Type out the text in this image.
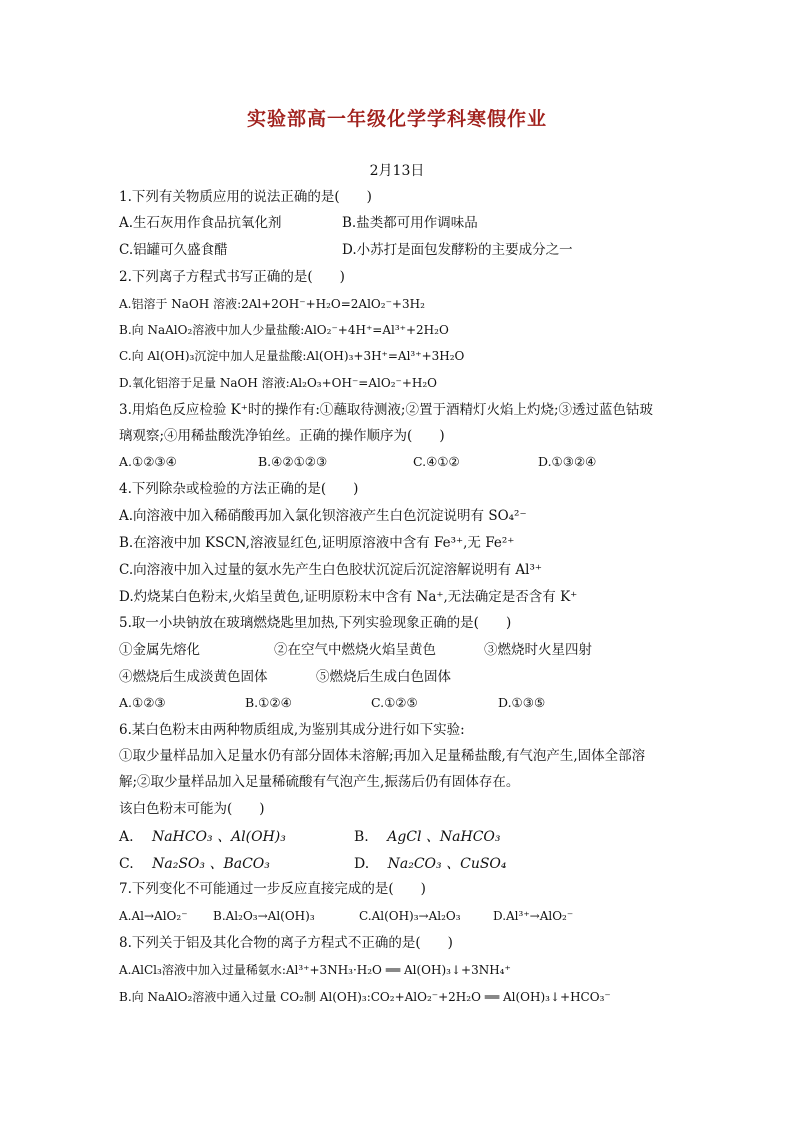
实验部高一年级化学学科寒假作业
2月13日
1.下列有关物质应用的说法正确的是(　　)
A.生石灰用作食品抗氧化剂	B.盐类都可用作调味品
C.铝罐可久盛食醋	D.小苏打是面包发酵粉的主要成分之一
2.下列离子方程式书写正确的是(　　)
A.铝溶于 NaOH 溶液:2Al+2OH⁻+H₂O=2AlO₂⁻+3H₂
B.向 NaAlO₂溶液中加人少量盐酸:AlO₂⁻+4H⁺=Al³⁺+2H₂O
C.向 Al(OH)₃沉淀中加人足量盐酸:Al(OH)₃+3H⁺=Al³⁺+3H₂O
D.氧化铝溶于足量 NaOH 溶液:Al₂O₃+OH⁻=AlO₂⁻+H₂O
3.用焰色反应检验 K⁺时的操作有:①蘸取待测液;②置于酒精灯火焰上灼烧;③透过蓝色钴玻
璃观察;④用稀盐酸洗净铂丝。正确的操作顺序为(　　)
A.①②③④	B.④②①②③	C.④①②	D.①③②④
4.下列除杂或检验的方法正确的是(　　)
A.向溶液中加入稀硝酸再加入氯化钡溶液产生白色沉淀说明有 SO₄²⁻
B.在溶液中加 KSCN,溶液显红色,证明原溶液中含有 Fe³⁺,无 Fe²⁺
C.向溶液中加入过量的氨水先产生白色胶状沉淀后沉淀溶解说明有 Al³⁺
D.灼烧某白色粉末,火焰呈黄色,证明原粉末中含有 Na⁺,无法确定是否含有 K⁺
5.取一小块钠放在玻璃燃烧匙里加热,下列实验现象正确的是(　　)
①金属先熔化	②在空气中燃烧火焰呈黄色	③燃烧时火星四射
④燃烧后生成淡黄色固体	⑤燃烧后生成白色固体
A.①②③	B.①②④	C.①②⑤	D.①③⑤
6.某白色粉末由两种物质组成,为鉴别其成分进行如下实验:
①取少量样品加入足量水仍有部分固体未溶解;再加入足量稀盐酸,有气泡产生,固体全部溶
解;②取少量样品加入足量稀硫酸有气泡产生,振荡后仍有固体存在。
该白色粉末可能为(　　)
A. NaHCO₃ 、Al(OH)₃	B. AgCl 、NaHCO₃
C. Na₂SO₃ 、BaCO₃	D. Na₂CO₃ 、CuSO₄
7.下列变化不可能通过一步反应直接完成的是(　　)
A.Al→AlO₂⁻ B.Al₂O₃→Al(OH)₃	C.Al(OH)₃→Al₂O₃	D.Al³⁺→AlO₂⁻
8.下列关于铝及其化合物的离子方程式不正确的是(　　)
A.AlCl₃溶液中加入过量稀氨水:Al³⁺+3NH₃·H₂O ══ Al(OH)₃↓+3NH₄⁺
B.向 NaAlO₂溶液中通入过量 CO₂制 Al(OH)₃:CO₂+AlO₂⁻+2H₂O ══ Al(OH)₃↓+HCO₃⁻
